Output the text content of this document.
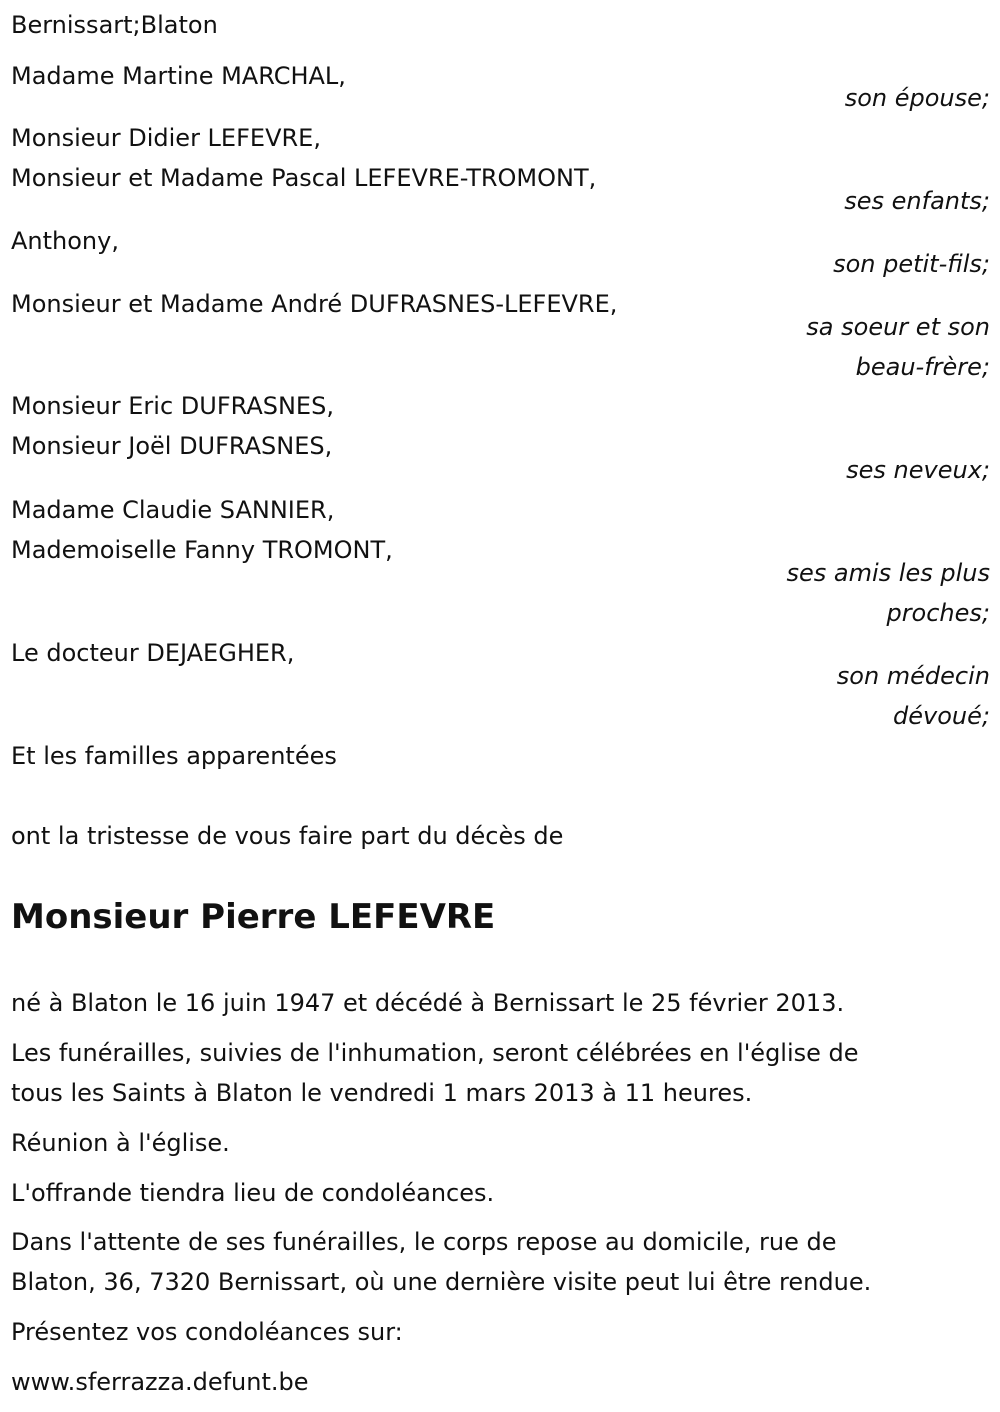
Bernissart;Blaton
Madame Martine MARCHAL,
son épouse;
Monsieur Didier LEFEVRE,
Monsieur et Madame Pascal LEFEVRE-TROMONT,
ses enfants;
Anthony,
son petit-fils;
Monsieur et Madame André DUFRASNES-LEFEVRE,
sa soeur et son
beau-frère;
Monsieur Eric DUFRASNES,
Monsieur Joël DUFRASNES,
ses neveux;
Madame Claudie SANNIER,
Mademoiselle Fanny TROMONT,
ses amis les plus
proches;
Le docteur DEJAEGHER,
son médecin
dévoué;
Et les familles apparentées
ont la tristesse de vous faire part du décès de
Monsieur Pierre LEFEVRE
né à Blaton le 16 juin 1947 et décédé à Bernissart le 25 février 2013.
Les funérailles, suivies de l'inhumation, seront célébrées en l'église de
tous les Saints à Blaton le vendredi 1 mars 2013 à 11 heures.
Réunion à l'église.
L'offrande tiendra lieu de condoléances.
Dans l'attente de ses funérailles, le corps repose au domicile, rue de
Blaton, 36, 7320 Bernissart, où une dernière visite peut lui être rendue.
Présentez vos condoléances sur:
www.sferrazza.defunt.be
